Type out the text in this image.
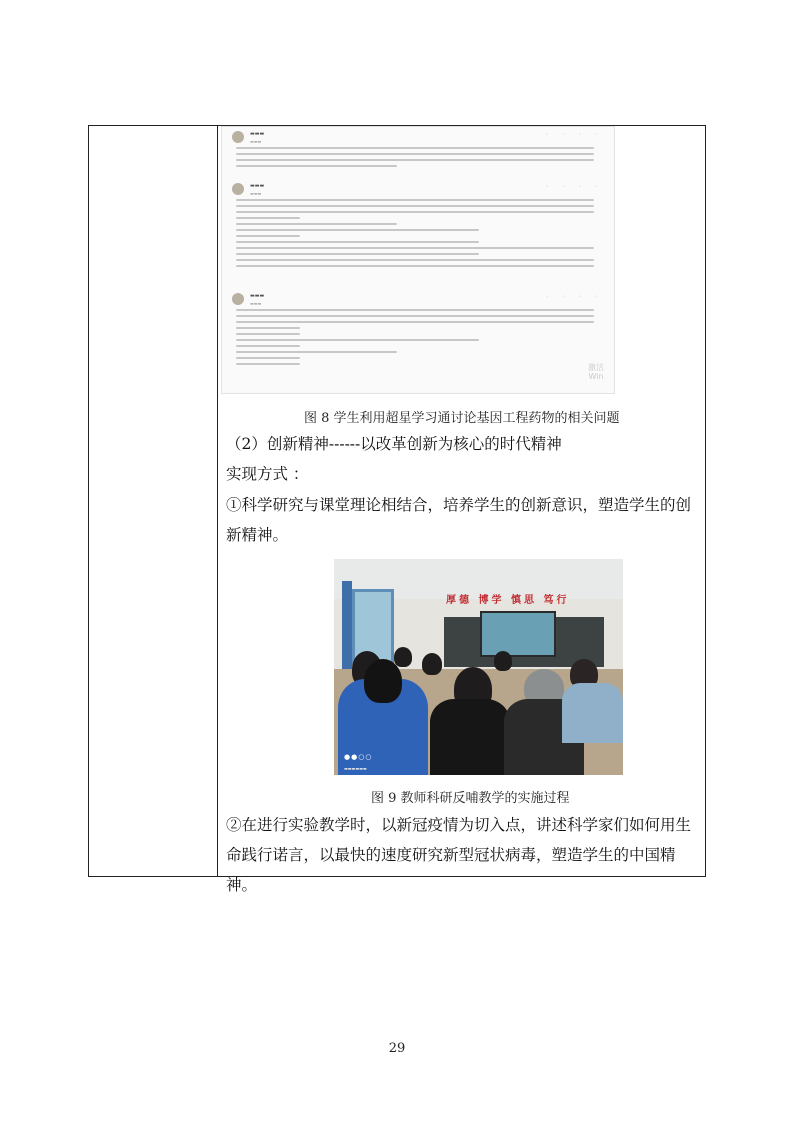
▬▬▬
▬▬▬
◦ ◦ ◦ ◦
▬▬▬
▬▬▬
◦ ◦ ◦ ◦
▬▬▬
▬▬▬
◦ ◦ ◦ ◦
激活
Win
图 8 学生利用超星学习通讨论基因工程药物的相关问题
（2）创新精神------以改革创新为核心的时代精神
实现方式 ：
①科学研究与课堂理论相结合，培养学生的创新意识，塑造学生的创新精神。
厚德 博学 慎思 笃行
●●○○
▬▬▬▬▬▬
图 9 教师科研反哺教学的实施过程
②在进行实验教学时，以新冠疫情为切入点，讲述科学家们如何用生命践行诺言，以最快的速度研究新型冠状病毒，塑造学生的中国精神。
29
